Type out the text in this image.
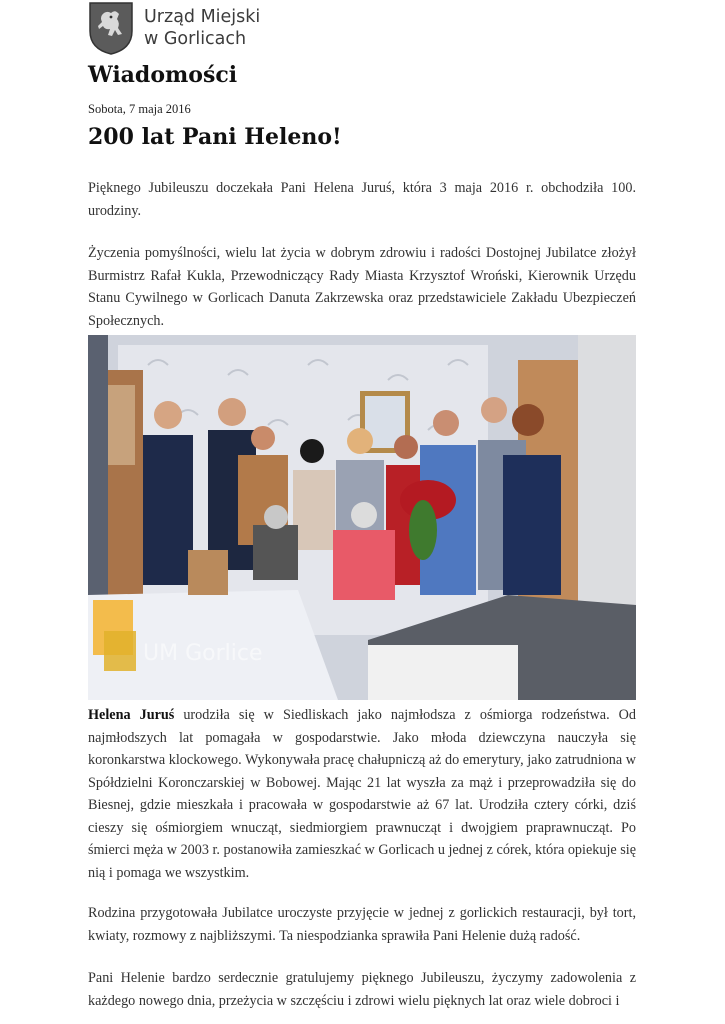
Urząd Miejski
w Gorlicach
Wiadomości
Sobota, 7 maja 2016
200 lat Pani Heleno!

Pięknego Jubileuszu doczekała Pani Helena Juruś, która 3 maja 2016 r. obchodziła 100. urodziny.

Życzenia pomyślności, wielu lat życia w dobrym zdrowiu i radości Dostojnej Jubilatce złożył Burmistrz Rafał Kukla, Przewodniczący Rady Miasta Krzysztof Wroński, Kierownik Urzędu Stanu Cywilnego w Gorlicach Danuta Zakrzewska oraz przedstawiciele Zakładu Ubezpieczeń Społecznych.

UM Gorlice

Helena Juruś urodziła się w Siedliskach jako najmłodsza z ośmiorga rodzeństwa. Od najmłodszych lat pomagała w gospodarstwie. Jako młoda dziewczyna nauczyła się koronkarstwa klockowego. Wykonywała pracę chałupniczą aż do emerytury, jako zatrudniona w Spółdzielni Koronczarskiej w Bobowej. Mając 21 lat wyszła za mąż i przeprowadziła się do Biesnej, gdzie mieszkała i pracowała w gospodarstwie aż 67 lat. Urodziła cztery córki, dziś cieszy się ośmiorgiem wnucząt, siedmiorgiem prawnucząt i dwojgiem praprawnucząt. Po śmierci męża w 2003 r. postanowiła zamieszkać w Gorlicach u jednej z córek, która opiekuje się nią i pomaga we wszystkim.

Rodzina przygotowała Jubilatce uroczyste przyjęcie w jednej z gorlickich restauracji, był tort, kwiaty, rozmowy z najbliższymi. Ta niespodzianka sprawiła Pani Helenie dużą radość.

Pani Helenie bardzo serdecznie gratulujemy pięknego Jubileuszu, życzymy zadowolenia z każdego nowego dnia, przeżycia w szczęściu i zdrowi wielu pięknych lat oraz wiele dobroci i
